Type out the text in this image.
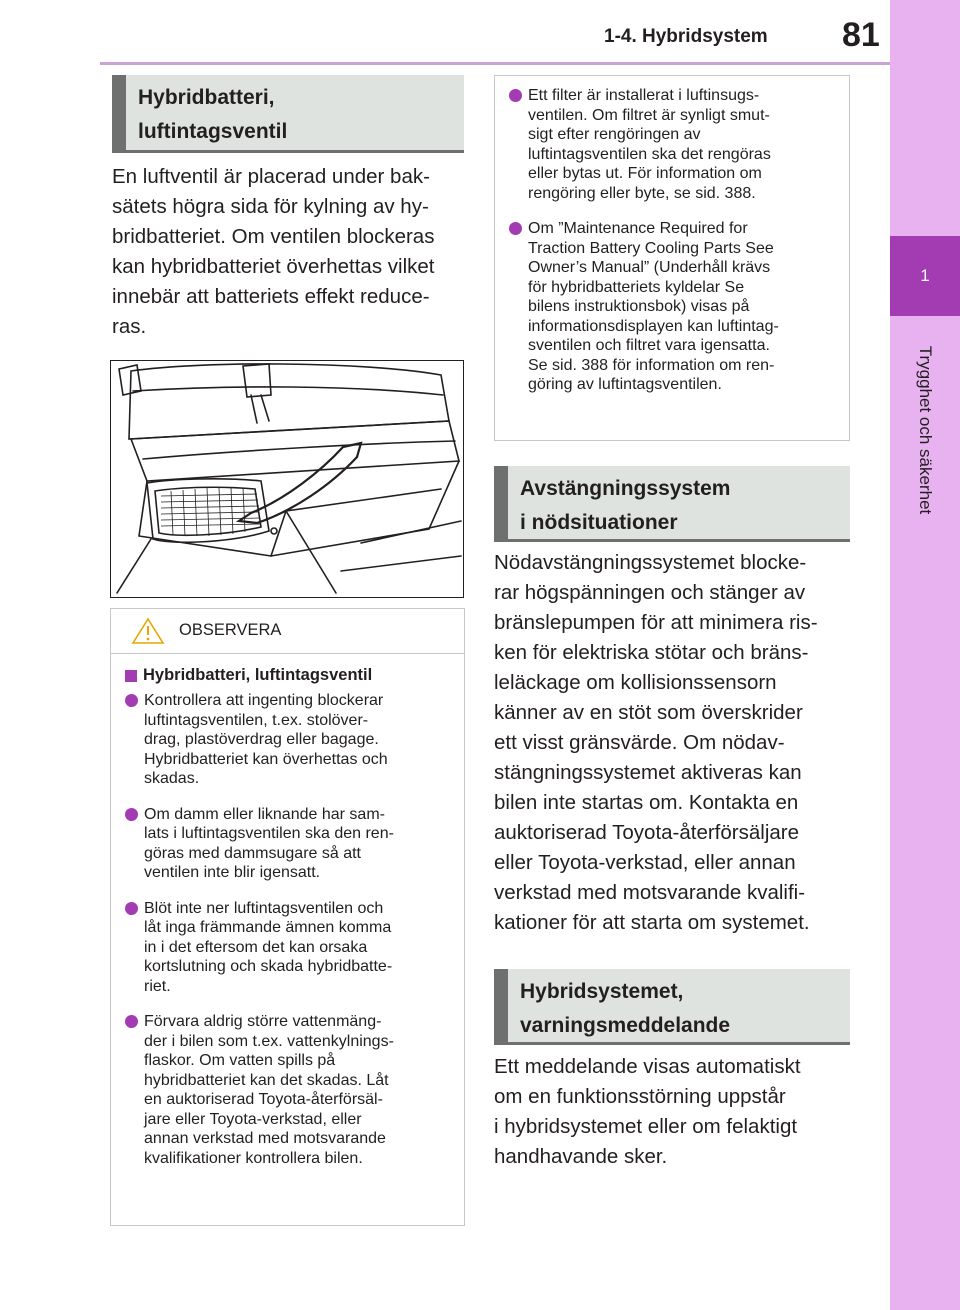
1-4. Hybridsystem 81
1
Trygghet och säkerhet
Hybridbatteri,
luftintagsventil
En luftventil är placerad under bak-
sätets högra sida för kylning av hy-
bridbatteriet. Om ventilen blockeras
kan hybridbatteriet överhettas vilket
innebär att batteriets effekt reduce-
ras.
OBSERVERA
Hybridbatteri, luftintagsventil
Kontrollera att ingenting blockerar
luftintagsventilen, t.ex. stolöver-
drag, plastöverdrag eller bagage.
Hybridbatteriet kan överhettas och
skadas.
Om damm eller liknande har sam-
lats i luftintagsventilen ska den ren-
göras med dammsugare så att
ventilen inte blir igensatt.
Blöt inte ner luftintagsventilen och
låt inga främmande ämnen komma
in i det eftersom det kan orsaka
kortslutning och skada hybridbatte-
riet.
Förvara aldrig större vattenmäng-
der i bilen som t.ex. vattenkylnings-
flaskor. Om vatten spills på
hybridbatteriet kan det skadas. Låt
en auktoriserad Toyota-återförsäl-
jare eller Toyota-verkstad, eller
annan verkstad med motsvarande
kvalifikationer kontrollera bilen.
Ett filter är installerat i luftinsugs-
ventilen. Om filtret är synligt smut-
sigt efter rengöringen av
luftintagsventilen ska det rengöras
eller bytas ut. För information om
rengöring eller byte, se sid. 388.
Om ”Maintenance Required for
Traction Battery Cooling Parts See
Owner’s Manual” (Underhåll krävs
för hybridbatteriets kyldelar Se
bilens instruktionsbok) visas på
informationsdisplayen kan luftintag-
sventilen och filtret vara igensatta.
Se sid. 388 för information om ren-
göring av luftintagsventilen.
Avstängningssystem
i nödsituationer
Nödavstängningssystemet blocke-
rar högspänningen och stänger av
bränslepumpen för att minimera ris-
ken för elektriska stötar och bräns-
leläckage om kollisionssensorn
känner av en stöt som överskrider
ett visst gränsvärde. Om nödav-
stängningssystemet aktiveras kan
bilen inte startas om. Kontakta en
auktoriserad Toyota-återförsäljare
eller Toyota-verkstad, eller annan
verkstad med motsvarande kvalifi-
kationer för att starta om systemet.
Hybridsystemet,
varningsmeddelande
Ett meddelande visas automatiskt
om en funktionsstörning uppstår
i hybridsystemet eller om felaktigt
handhavande sker.
